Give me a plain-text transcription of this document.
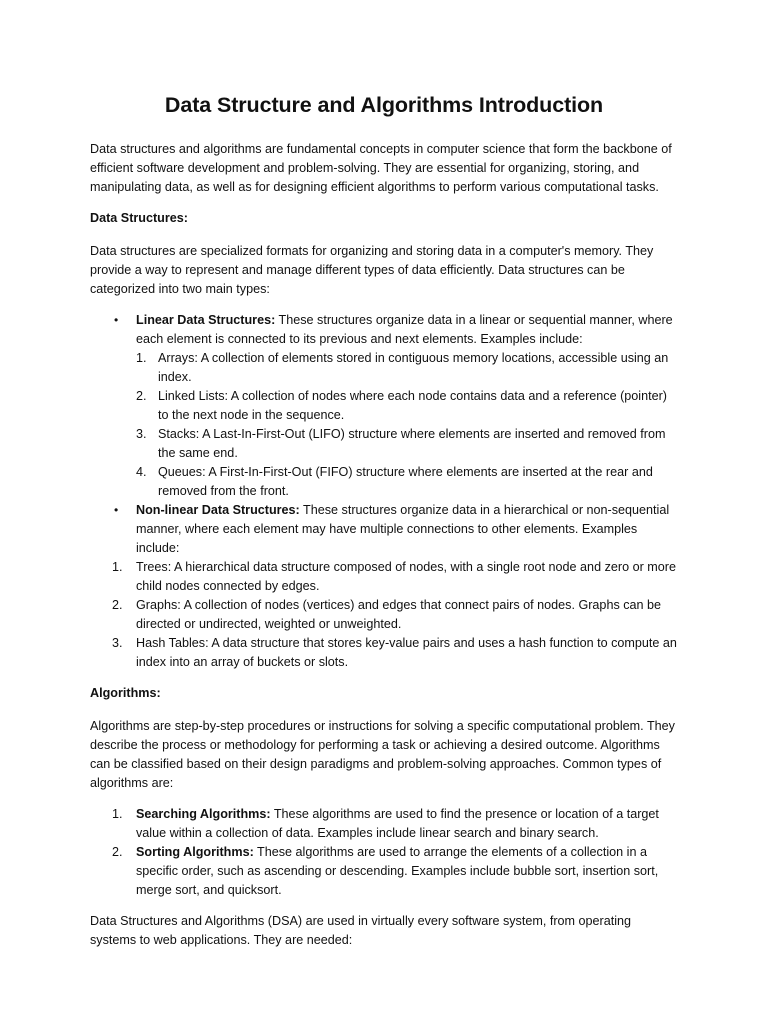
Data Structure and Algorithms Introduction

Data structures and algorithms are fundamental concepts in computer science that form the backbone of efficient software development and problem-solving. They are essential for organizing, storing, and manipulating data, as well as for designing efficient algorithms to perform various computational tasks.

Data Structures:

Data structures are specialized formats for organizing and storing data in a computer's memory. They provide a way to represent and manage different types of data efficiently. Data structures can be categorized into two main types:

• Linear Data Structures: These structures organize data in a linear or sequential manner, where each element is connected to its previous and next elements. Examples include:
1. Arrays: A collection of elements stored in contiguous memory locations, accessible using an index.
2. Linked Lists: A collection of nodes where each node contains data and a reference (pointer) to the next node in the sequence.
3. Stacks: A Last-In-First-Out (LIFO) structure where elements are inserted and removed from the same end.
4. Queues: A First-In-First-Out (FIFO) structure where elements are inserted at the rear and removed from the front.
• Non-linear Data Structures: These structures organize data in a hierarchical or non-sequential manner, where each element may have multiple connections to other elements. Examples include:
1. Trees: A hierarchical data structure composed of nodes, with a single root node and zero or more child nodes connected by edges.
2. Graphs: A collection of nodes (vertices) and edges that connect pairs of nodes. Graphs can be directed or undirected, weighted or unweighted.
3. Hash Tables: A data structure that stores key-value pairs and uses a hash function to compute an index into an array of buckets or slots.

Algorithms:

Algorithms are step-by-step procedures or instructions for solving a specific computational problem. They describe the process or methodology for performing a task or achieving a desired outcome. Algorithms can be classified based on their design paradigms and problem-solving approaches. Common types of algorithms are:

1. Searching Algorithms: These algorithms are used to find the presence or location of a target value within a collection of data. Examples include linear search and binary search.
2. Sorting Algorithms: These algorithms are used to arrange the elements of a collection in a specific order, such as ascending or descending. Examples include bubble sort, insertion sort, merge sort, and quicksort.

Data Structures and Algorithms (DSA) are used in virtually every software system, from operating systems to web applications. They are needed:
